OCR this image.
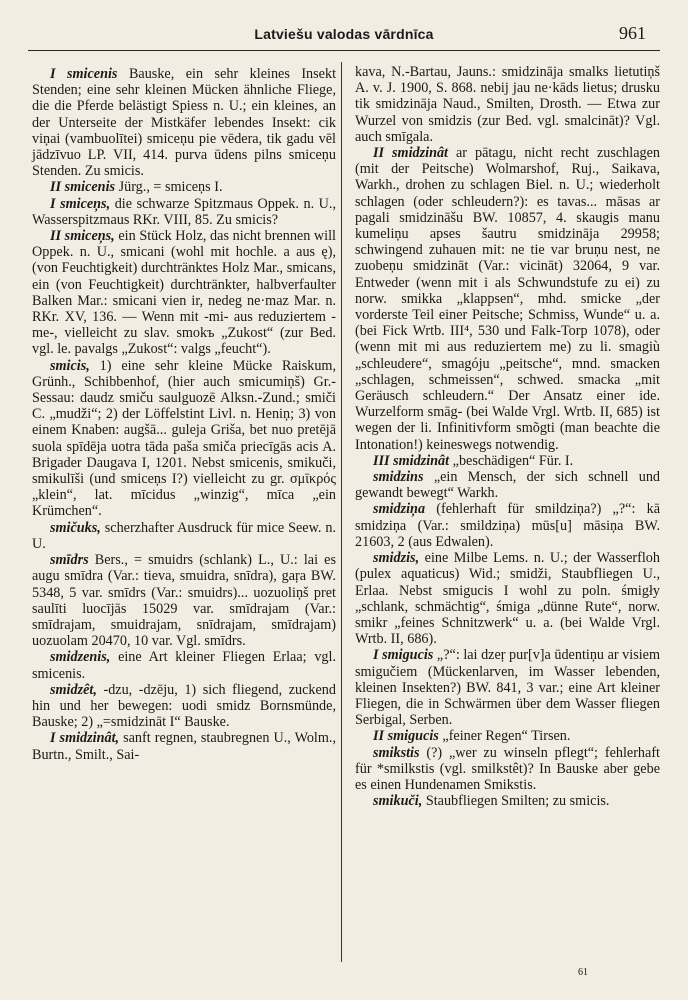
Latviešu valodas vārdnīca	961

I smicenis Bauske, ein sehr kleines Insekt Stenden; eine sehr kleinen Mücken ähnliche Fliege, die die Pferde belästigt Spiess n. U.; ein kleines, an der Unterseite der Mistkäfer lebendes Insekt: cik viņai (vambuolītei) smiceņu pie vēdera, tik gadu vēl jādzīvuo LP. VII, 414. purva ūdens pilns smiceņu Stenden. Zu smicis.

II smicenis Jürg., = smiceņs I.

I smiceņs, die schwarze Spitzmaus Oppek. n. U., Wasserspitzmaus RKr. VIII, 85. Zu smicis?

II smiceņs, ein Stück Holz, das nicht brennen will Oppek. n. U., smicani (wohl mit hochle. a aus ę), (von Feuchtigkeit) durchtränktes Holz Mar., smicans, ein (von Feuchtigkeit) durchtränkter, halbverfaulter Balken Mar.: smicani vien ir, nedeg ne·maz Mar. n. RKr. XV, 136. — Wenn mit -mi- aus reduziertem -me-, vielleicht zu slav. smokъ „Zukost“ (zur Bed. vgl. le. pavalgs „Zukost“: valgs „feucht“).

smicis, 1) eine sehr kleine Mücke Raiskum, Grünh., Schibbenhof, (hier auch smicumiņš) Gr.-Sessau: daudz smiču saulguozē Alksn.-Zund.; smiči C. „mudži“; 2) der Löffelstint Livl. n. Heniņ; 3) von einem Knaben: augšā... guleja Griša, bet nuo pretējā suola spīdēja uotra tāda paša smiča priecīgās acis A. Brigader Daugava I, 1201. Nebst smicenis, smikuči, smikulīši (und smiceņs I?) vielleicht zu gr. σμῑκρός „klein“, lat. mīcidus „winzig“, mīca „ein Krümchen“.

smičuks, scherzhafter Ausdruck für mice Seew. n. U.

smīdrs Bers., = smuidrs (schlank) L., U.: lai es augu smīdra (Var.: tieva, smuidra, snīdra), gaŗa BW. 5348, 5 var. smīdrs (Var.: smuidrs)... uozuoliņš pret saulīti luocījās 15029 var. smīdrajam (Var.: smīdrajam, smuidrajam, snīdrajam, smīdrajam) uozuolam 20470, 10 var. Vgl. smīdrs.

smidzenis, eine Art kleiner Fliegen Erlaa; vgl. smicenis.

smidzêt, -dzu, -dzēju, 1) sich fliegend, zuckend hin und her bewegen: uodi smidz Bornsmünde, Bauske; 2) „=smidzināt I“ Bauske.

I smidzinât, sanft regnen, staubregnen U., Wolm., Burtn., Smilt., Sai-

kava, N.-Bartau, Jauns.: smidzināja smalks lietutiņš A. v. J. 1900, S. 868. nebij jau ne·kāds lietus; drusku tik smidzināja Naud., Smilten, Drosth. — Etwa zur Wurzel von smidzis (zur Bed. vgl. smalcināt)? Vgl. auch smīgala.

II smidzinât ar pātagu, nicht recht zuschlagen (mit der Peitsche) Wolmarshof, Ruj., Saikava, Warkh., drohen zu schlagen Biel. n. U.; wiederholt schlagen (oder schleudern?): es tavas... māsas ar pagali smidzināšu BW. 10857, 4. skaugis manu kumeliņu apses šautru smidzināja 29958; schwingend zuhauen mit: ne tie var bruņu nest, ne zuobeņu smidzināt (Var.: vicināt) 32064, 9 var. Entweder (wenn mit i als Schwundstufe zu ei) zu norw. smikka „klappsen“, mhd. smicke „der vorderste Teil einer Peitsche; Schmiss, Wunde“ u. a. (bei Fick Wrtb. III⁴, 530 und Falk-Torp 1078), oder (wenn mit mi aus reduziertem me) zu li. smagiù „schleudere“, smagóju „peitsche“, mnd. smacken „schlagen, schmeissen“, schwed. smacka „mit Geräusch schleudern.“ Der Ansatz einer ide. Wurzelform smāg- (bei Walde Vrgl. Wrtb. II, 685) ist wegen der li. Infinitivform smõgti (man beachte die Intonation!) keineswegs notwendig.

III smidzinât „beschädigen“ Für. I.

smidzins „ein Mensch, der sich schnell und gewandt bewegt“ Warkh.

smidziņa (fehlerhaft für smildziņa?) „?“: kā smidziņa (Var.: smildziņa) mūs[u] māsiņa BW. 21603, 2 (aus Edwalen).

smidzis, eine Milbe Lems. n. U.; der Wasserfloh (pulex aquaticus) Wid.; smidži, Staubfliegen U., Erlaa. Nebst smigucis I wohl zu poln. śmigły „schlank, schmächtig“, śmiga „dünne Rute“, norw. smikr „feines Schnitzwerk“ u. a. (bei Walde Vrgl. Wrtb. II, 686).

I smigucis „?“: lai dzeŗ pur[v]a ūdentiņu ar visiem smigučiem (Mückenlarven, im Wasser lebenden, kleinen Insekten?) BW. 841, 3 var.; eine Art kleiner Fliegen, die in Schwärmen über dem Wasser fliegen Serbigal, Serben.

II smigucis „feiner Regen“ Tirsen.

smikstis (?) „wer zu winseln pflegt“; fehlerhaft für *smilkstis (vgl. smilkstêt)? In Bauske aber gebe es einen Hundenamen Smikstis.

smikuči, Staubfliegen Smilten; zu smicis.

61
